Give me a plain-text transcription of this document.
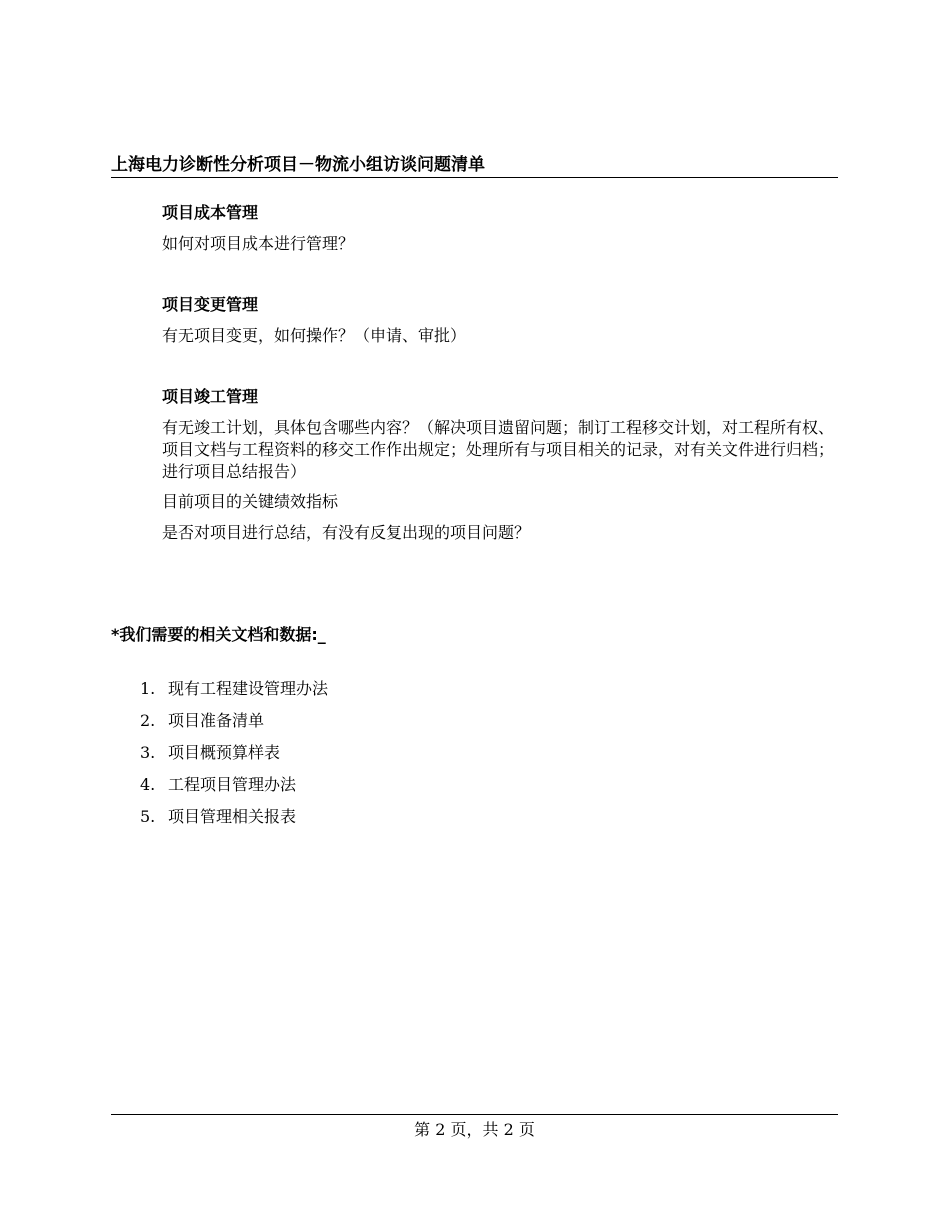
上海电力诊断性分析项目－物流小组访谈问题清单

项目成本管理

如何对项目成本进行管理？

项目变更管理

有无项目变更，如何操作？（申请、审批）

项目竣工管理

有无竣工计划，具体包含哪些内容？（解决项目遗留问题；制订工程移交计划，对工程所有权、项目文档与工程资料的移交工作作出规定；处理所有与项目相关的记录，对有关文件进行归档；进行项目总结报告）

目前项目的关键绩效指标

是否对项目进行总结，有没有反复出现的项目问题？

*我们需要的相关文档和数据:_
1. 现有工程建设管理办法
2. 项目准备清单
3. 项目概预算样表
4. 工程项目管理办法
5. 项目管理相关报表
第 2 页，共 2 页
